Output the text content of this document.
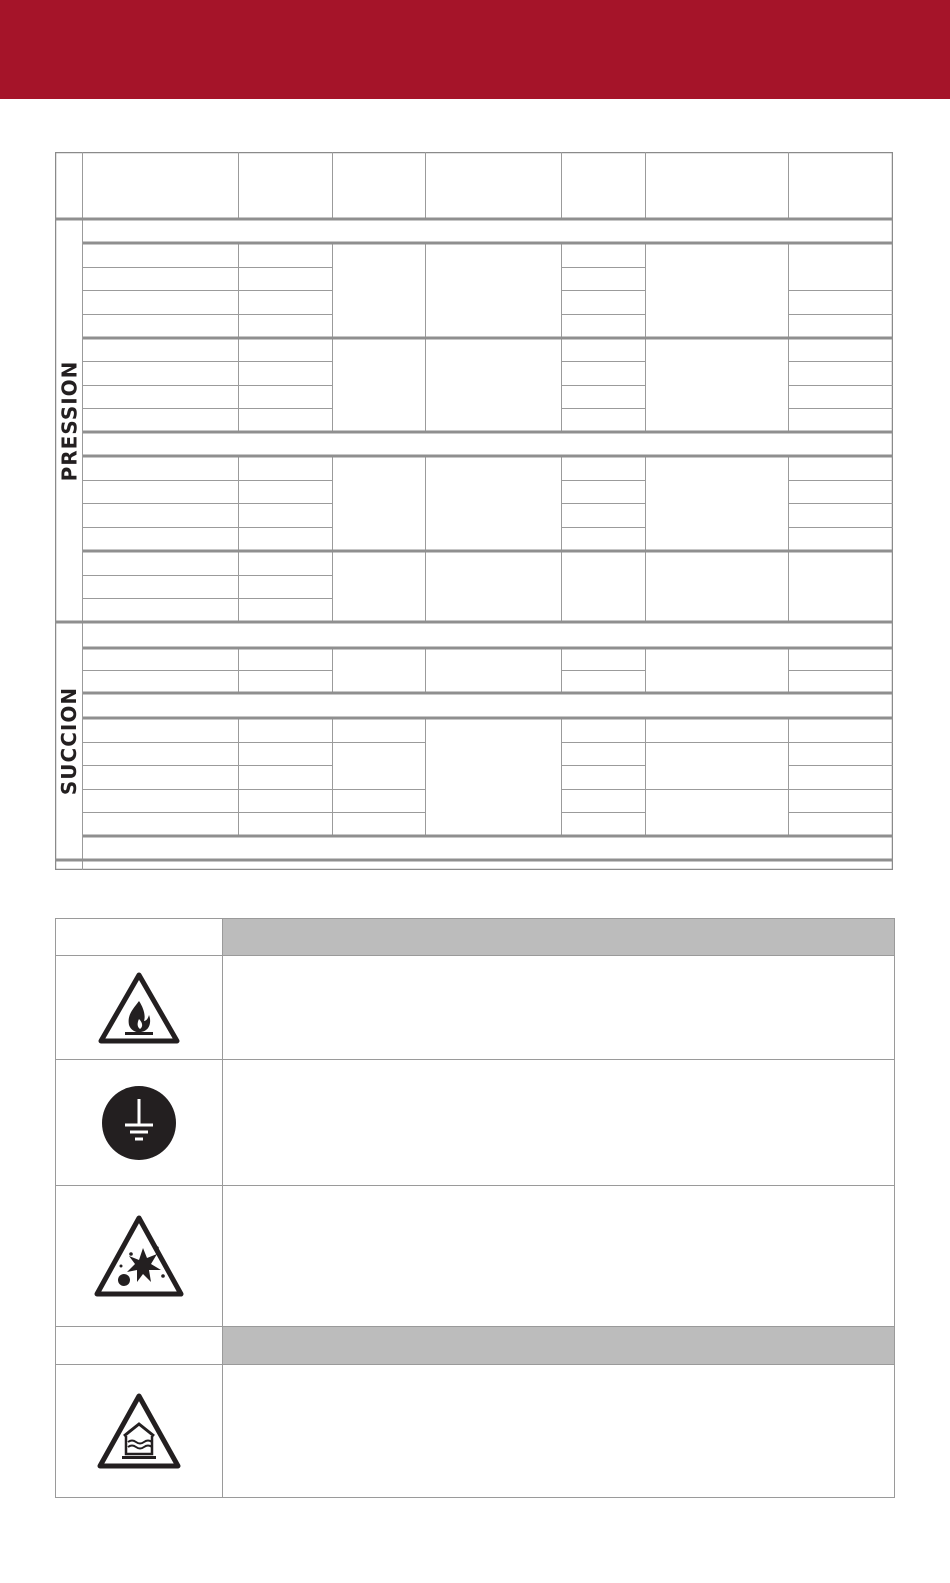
PRESSION
SUCCION
